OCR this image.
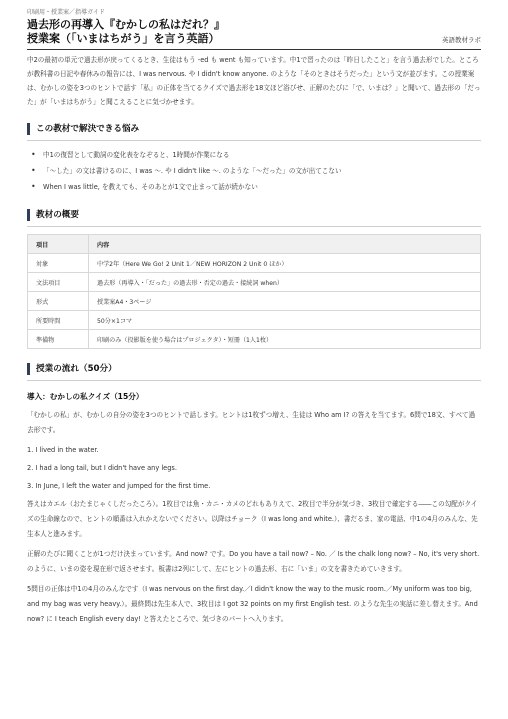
印刷用・授業案／指導ガイド
過去形の再導入『むかしの私はだれ？』
授業案（「いまはちがう」を言う英語）	英語教材ラボ
中2の最初の単元で過去形が戻ってくるとき、生徒はもう -ed も went も知っています。中1で習ったのは「昨日したこと」を言う過去形でした。ところが教科書の日記や春休みの報告には、I was nervous. や I didn't know anyone. のような「そのときはそうだった」という文が並びます。この授業案は、むかしの姿を3つのヒントで話す「私」の正体を当てるクイズで過去形を18文ほど浴びせ、正解のたびに「で、いまは？」と聞いて、過去形の「だった」が「いまはちがう」と聞こえることに気づかせます。
この教材で解決できる悩み
• 中1の復習として動詞の変化表をなぞると、1時間が作業になる
• 「～した」の文は書けるのに、I was ～. や I didn't like ～. のような「～だった」の文が出てこない
• When I was little, を教えても、そのあとが1文で止まって話が続かない
教材の概要
項目	内容
対象	中学2年（Here We Go! 2 Unit 1／NEW HORIZON 2 Unit 0 ほか）
文法項目	過去形（再導入・「だった」の過去形・否定の過去・接続詞 when）
形式	授業案A4・3ページ
所要時間	50分×1コマ
準備物	印刷のみ（投影版を使う場合はプロジェクタ）・短冊（1人1枚）
授業の流れ（50分）
導入：むかしの私クイズ（15分）
「むかしの私」が、むかしの自分の姿を3つのヒントで話します。ヒントは1枚ずつ増え、生徒は Who am I? の答えを当てます。6問で18文、すべて過去形です。
1. I lived in the water.
2. I had a long tail, but I didn't have any legs.
3. In June, I left the water and jumped for the first time.
答えはカエル（おたまじゃくしだったころ）。1枚目では魚・カニ・カメのどれもありえて、2枚目で半分が気づき、3枚目で確定する――この勾配がクイズの生命線なので、ヒントの順番は入れかえないでください。以降はチョーク（I was long and white.）、書だるま、家の電話、中1の4月のみんな、先生本人と進みます。
正解のたびに聞くことが1つだけ決まっています。And now? です。Do you have a tail now? – No. ／ Is the chalk long now? – No, it's very short. のように、いまの姿を現在形で返させます。板書は2列にして、左にヒントの過去形、右に「いま」の文を書きためていきます。
5問目の正体は中1の4月のみんなです（I was nervous on the first day.／I didn't know the way to the music room.／My uniform was too big, and my bag was very heavy.）。最終問は先生本人で、3枚目は I got 32 points on my first English test. のような先生の実話に差し替えます。And now? に I teach English every day! と答えたところで、気づきのパートへ入ります。
